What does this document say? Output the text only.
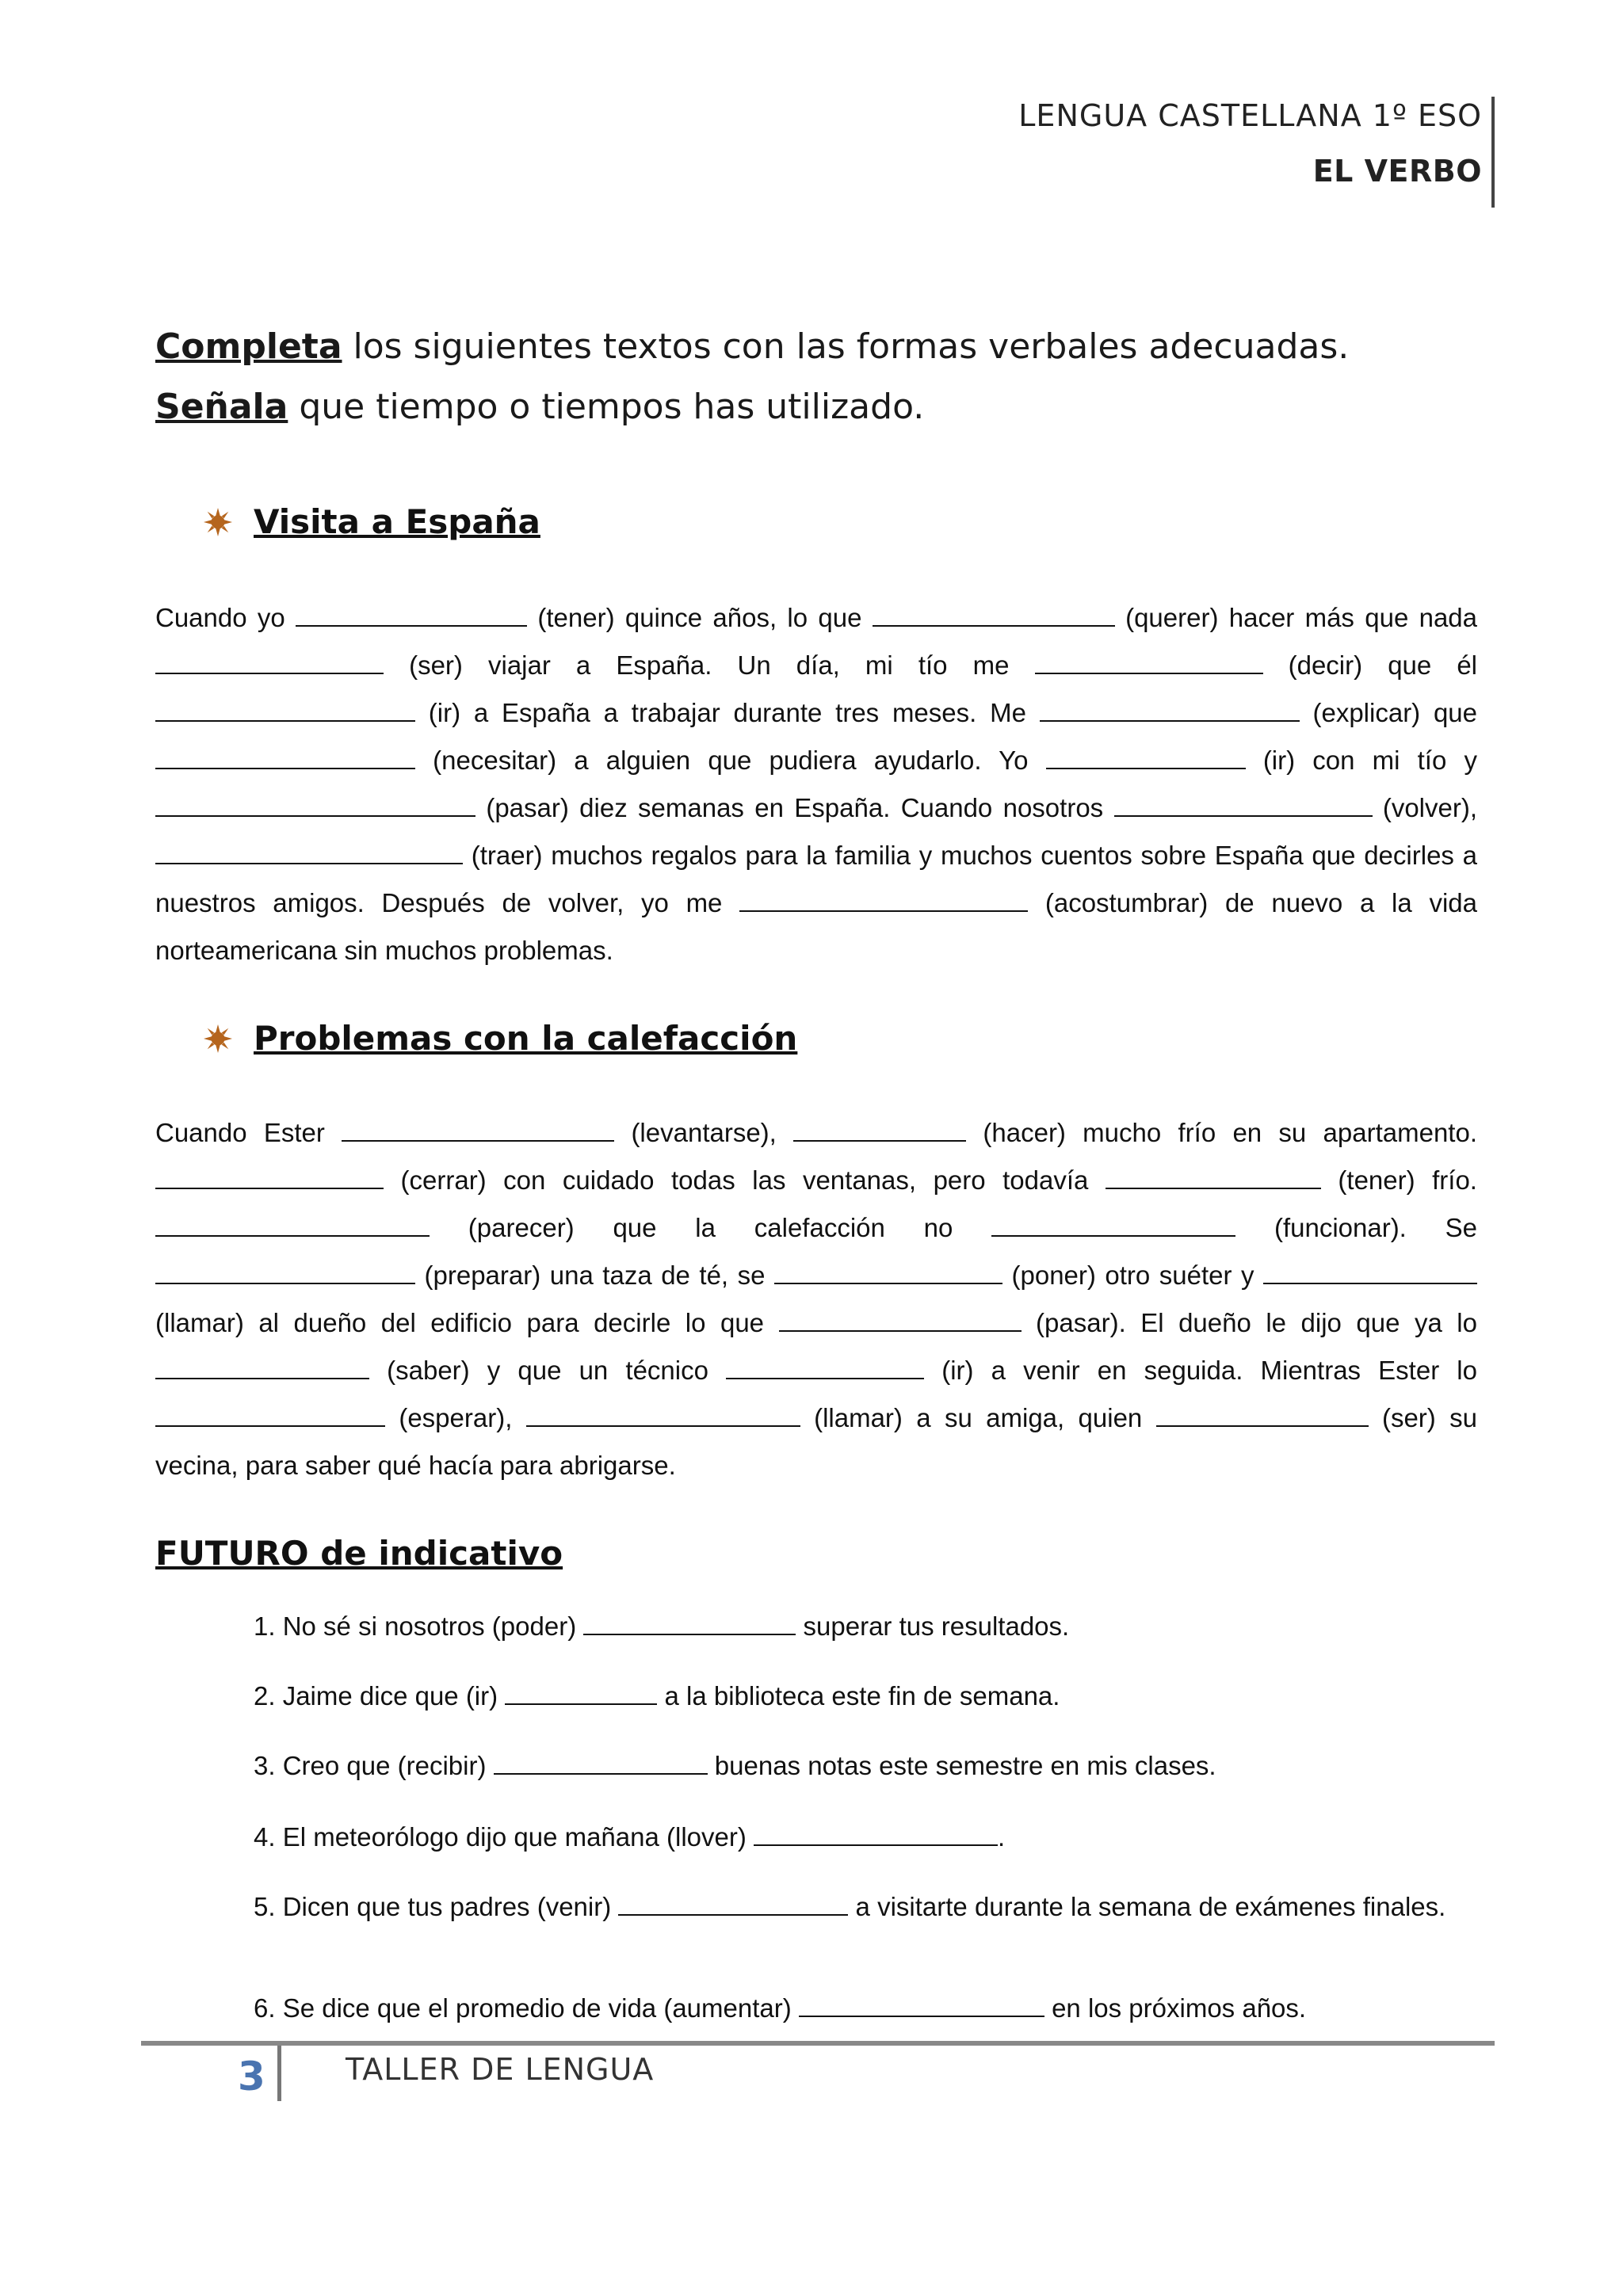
LENGUA CASTELLANA 1º ESO
EL VERBO
Completa los siguientes textos con las formas verbales adecuadas. Señala que tiempo o tiempos has utilizado.
Visita a España
Cuando yo	(tener) quince años, lo que	(querer) hacer más que nada  (ser) viajar a España. Un día, mi tío me	(decir) que él  (ir) a España a trabajar durante tres meses. Me	(explicar) que  (necesitar) a alguien que pudiera ayudarlo. Yo	(ir) con mi tío y  (pasar) diez semanas en España. Cuando nosotros	(volver),  (traer) muchos regalos para la familia y muchos cuentos sobre España que decirles a nuestros amigos. Después de volver, yo me	(acostumbrar) de nuevo a la vida norteamericana sin muchos problemas.
Problemas con la calefacción
Cuando Ester	(levantarse),	(hacer) mucho frío en su apartamento.  (cerrar) con cuidado todas las ventanas, pero todavía	(tener) frío.  (parecer) que la calefacción no	(funcionar). Se  (preparar) una taza de té, se	(poner) otro suéter y  (llamar) al dueño del edificio para decirle lo que	(pasar). El dueño le dijo que ya lo  (saber) y que un técnico	(ir) a venir en seguida. Mientras Ester lo  (esperar),	(llamar) a su amiga, quien	(ser) su vecina, para saber qué hacía para abrigarse.
FUTURO de indicativo
1. No sé si nosotros (poder)	superar tus resultados.
2. Jaime dice que (ir)	a la biblioteca este fin de semana.
3. Creo que (recibir)	buenas notas este semestre en mis clases.
4. El meteorólogo dijo que mañana (llover)	.
5. Dicen que tus padres (venir)	a visitarte durante la semana de exámenes finales.
6. Se dice que el promedio de vida (aumentar)	en los próximos años.
3	TALLER DE LENGUA
